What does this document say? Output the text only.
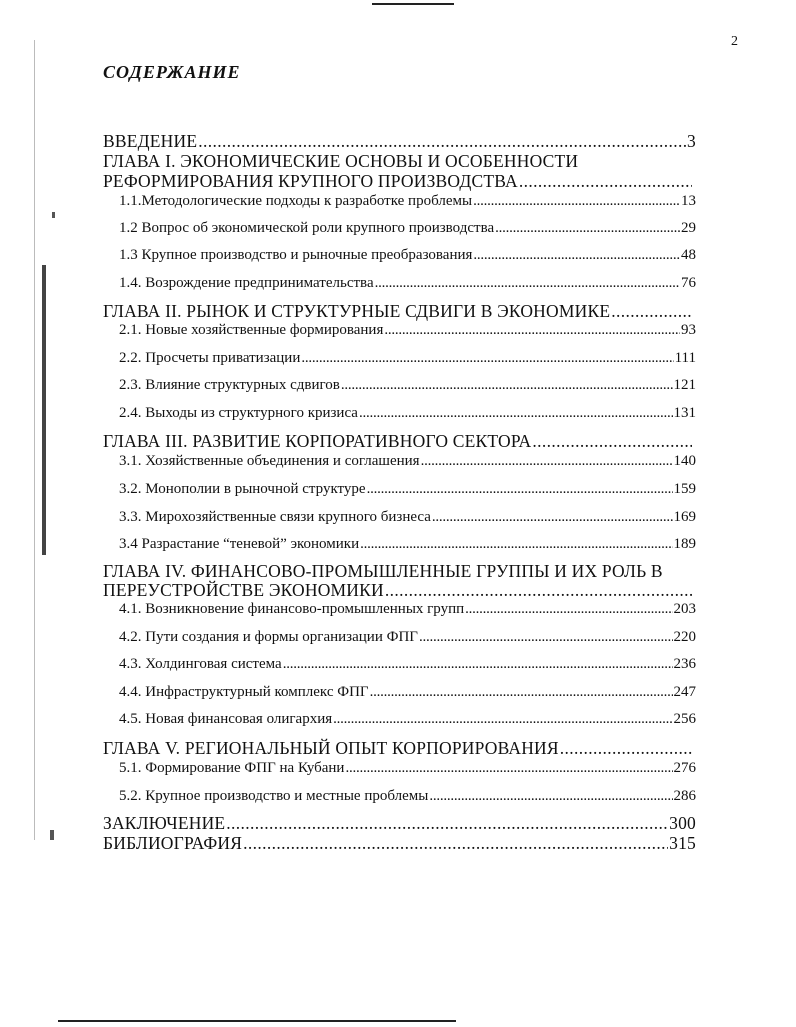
2
СОДЕРЖАНИЕ
ВВЕДЕНИЕ . . .	3
ГЛАВА I. ЭКОНОМИЧЕСКИЕ ОСНОВЫ И ОСОБЕННОСТИ
РЕФОРМИРОВАНИЯ КРУПНОГО ПРОИЗВОДСТВА
. . .
1.1.Методологические подходы к разработке проблемы . . .	13
1.2 Вопрос об экономической роли крупного производства . . .	29
1.3 Крупное производство и рыночные преобразования . . .	48
1.4. Возрождение предпринимательства . . .	76
ГЛАВА II. РЫНОК И СТРУКТУРНЫЕ СДВИГИ В ЭКОНОМИКЕ
. . .
2.1. Новые хозяйственные формирования . . .	93
2.2. Просчеты приватизации . . .	111
2.3. Влияние структурных сдвигов . . .	121
2.4. Выходы из структурного кризиса . . .	131
ГЛАВА III. РАЗВИТИЕ КОРПОРАТИВНОГО СЕКТОРА
. . .
3.1. Хозяйственные объединения и соглашения . . .	140
3.2. Монополии в рыночной структуре . . .	159
3.3. Мирохозяйственные связи крупного бизнеса . . .	169
3.4 Разрастание “теневой” экономики . . .	189
ГЛАВА IV. ФИНАНСОВО-ПРОМЫШЛЕННЫЕ ГРУППЫ И ИХ РОЛЬ В
ПЕРЕУСТРОЙСТВЕ ЭКОНОМИКИ
. . .
4.1. Возникновение финансово-промышленных групп . . .	203
4.2. Пути создания и формы организации ФПГ . . .	220
4.3. Холдинговая система . . .	236
4.4. Инфраструктурный комплекс ФПГ . . .	247
4.5. Новая финансовая олигархия . . .	256
ГЛАВА V. РЕГИОНАЛЬНЫЙ ОПЫТ КОРПОРИРОВАНИЯ
. . .
5.1. Формирование ФПГ на Кубани . . .	276
5.2. Крупное производство и местные проблемы . . .	286
ЗАКЛЮЧЕНИЕ . . .	300
БИБЛИОГРАФИЯ . . .	315
